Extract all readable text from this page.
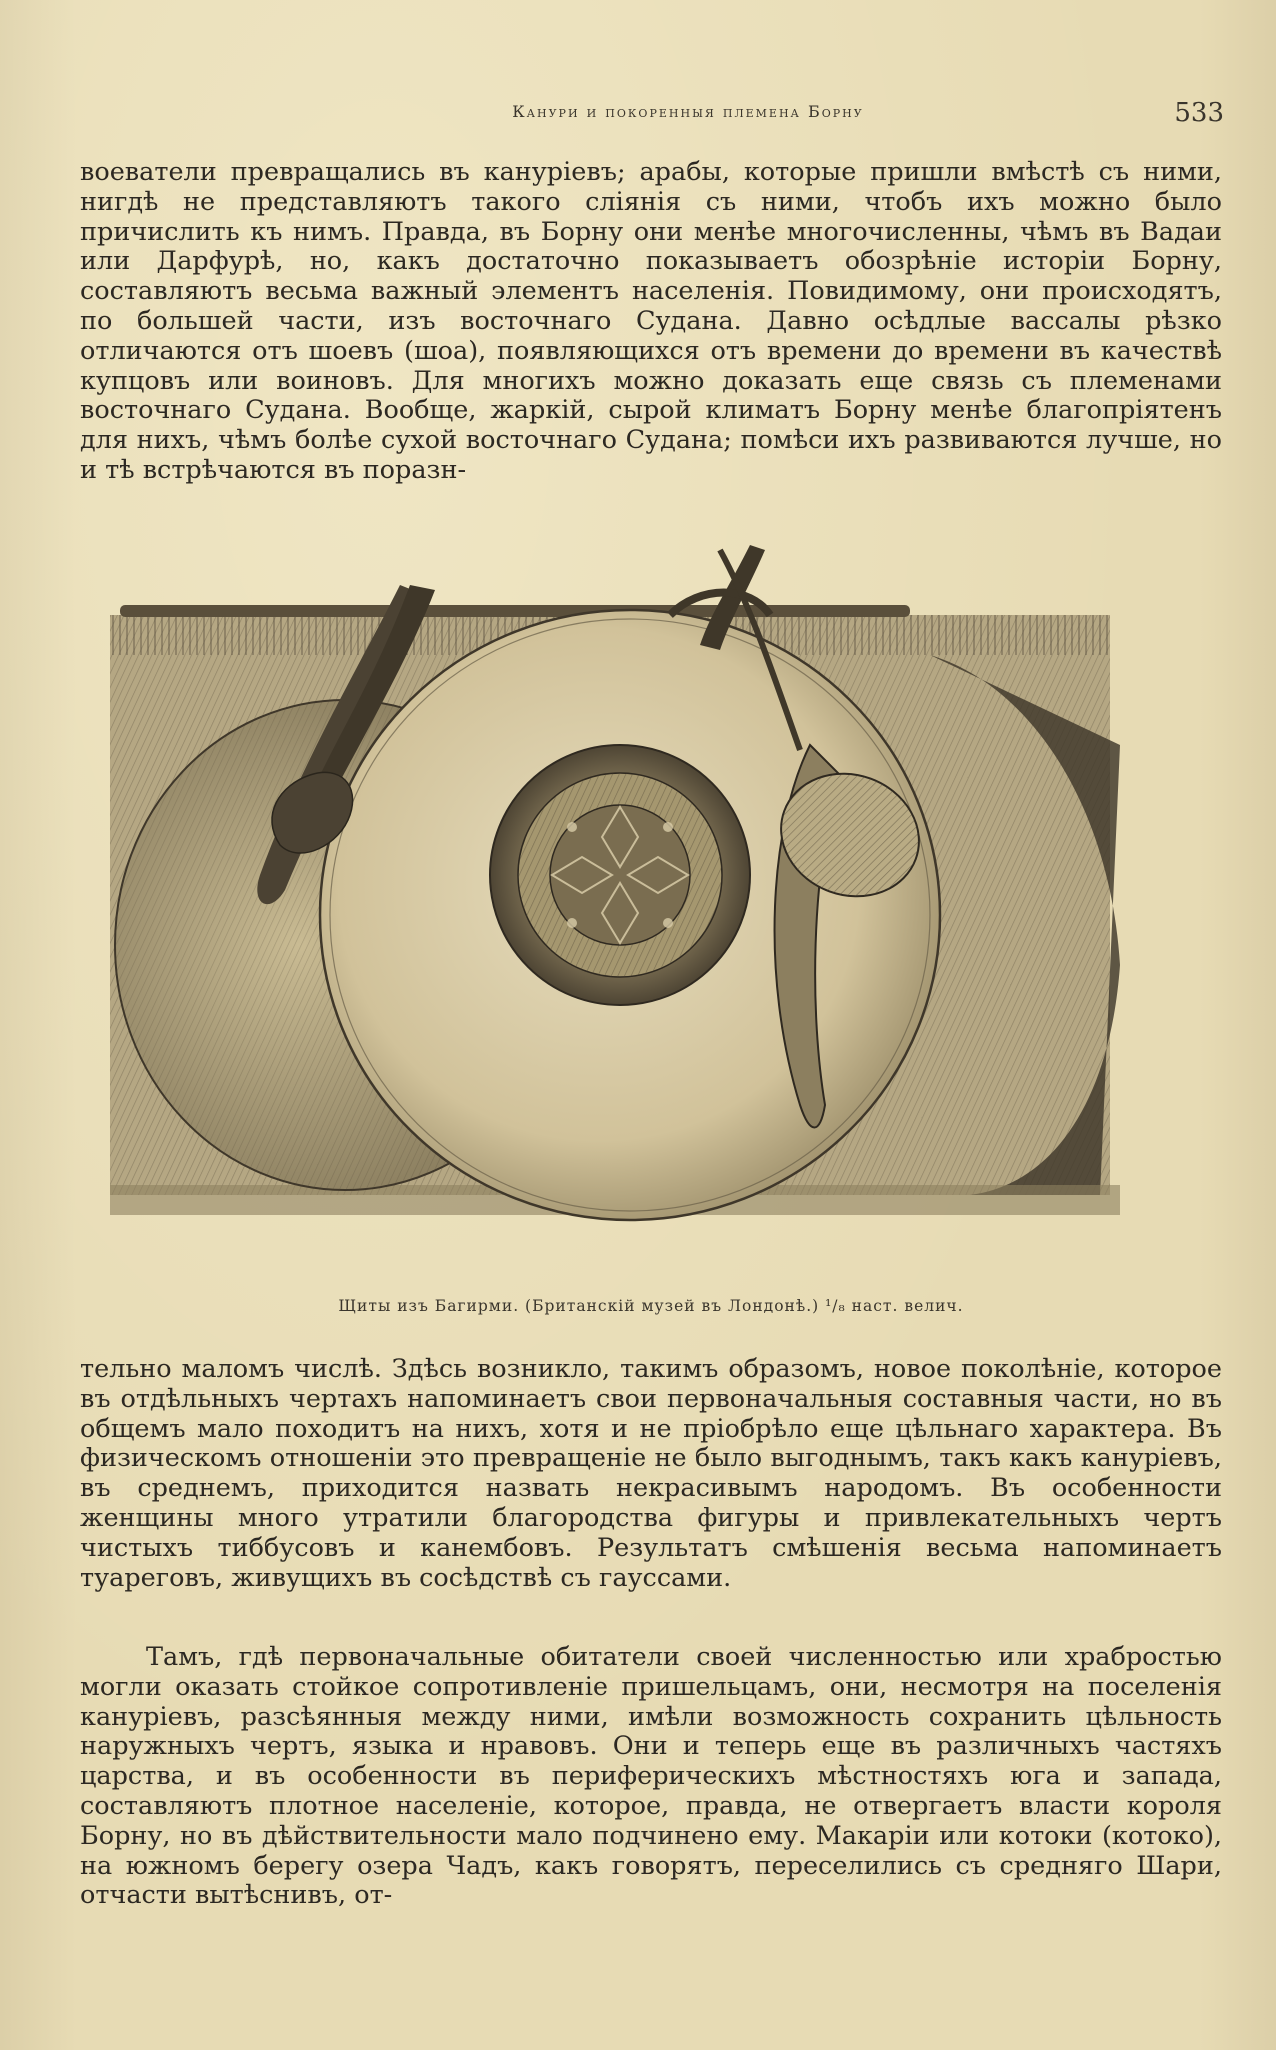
Канури и покоренныя племена Борну	533

воеватели превращались въ канурiевъ; арабы, которые пришли вмѣстѣ съ ними, нигдѣ не представляютъ такого слiянiя съ ними, чтобъ ихъ можно было причислить къ нимъ. Правда, въ Борну они менѣе многочисленны, чѣмъ въ Вадаи или Дарфурѣ, но, какъ достаточно показываетъ обозрѣнiе исторiи Борну, составляютъ весьма важный элементъ населенiя. Повидимому, они происходятъ, по большей части, изъ восточнаго Судана. Давно осѣдлые вассалы рѣзко отличаются отъ шоевъ (шоа), появляющихся отъ времени до времени въ качествѣ купцовъ или воиновъ. Для многихъ можно доказать еще связь съ племенами восточнаго Судана. Вообще, жаркiй, сырой климатъ Борну менѣе благопрiятенъ для нихъ, чѣмъ болѣе сухой восточнаго Судана; помѣси ихъ развиваются лучше, но и тѣ встрѣчаются въ поразн-

Щиты изъ Багирми. (Британскiй музей въ Лондонѣ.) ¹/₈ наст. велич.

тельно маломъ числѣ. Здѣсь возникло, такимъ образомъ, новое поколѣнiе, которое въ отдѣльныхъ чертахъ напоминаетъ свои первоначальныя составныя части, но въ общемъ мало походитъ на нихъ, хотя и не прiобрѣло еще цѣльнаго характера. Въ физическомъ отношенiи это превращенiе не было выгоднымъ, такъ какъ канурiевъ, въ среднемъ, приходится назвать некрасивымъ народомъ. Въ особенности женщины много утратили благородства фигуры и привлекательныхъ чертъ чистыхъ тиббусовъ и канембовъ. Результатъ смѣшенiя весьма напоминаетъ туареговъ, живущихъ въ сосѣдствѣ съ гауссами.

Тамъ, гдѣ первоначальные обитатели своей численностью или храбростью могли оказать стойкое сопротивленiе пришельцамъ, они, несмотря на поселенiя канурiевъ, разсѣянныя между ними, имѣли возможность сохранить цѣльность наружныхъ чертъ, языка и нравовъ. Они и теперь еще въ различныхъ частяхъ царства, и въ особенности въ периферическихъ мѣстностяхъ юга и запада, составляютъ плотное населенiе, которое, правда, не отвергаетъ власти короля Борну, но въ дѣйствительности мало подчинено ему. Макарiи или котоки (котоко), на южномъ берегу озера Чадъ, какъ говорятъ, переселились съ средняго Шари, отчасти вытѣснивъ, от-
